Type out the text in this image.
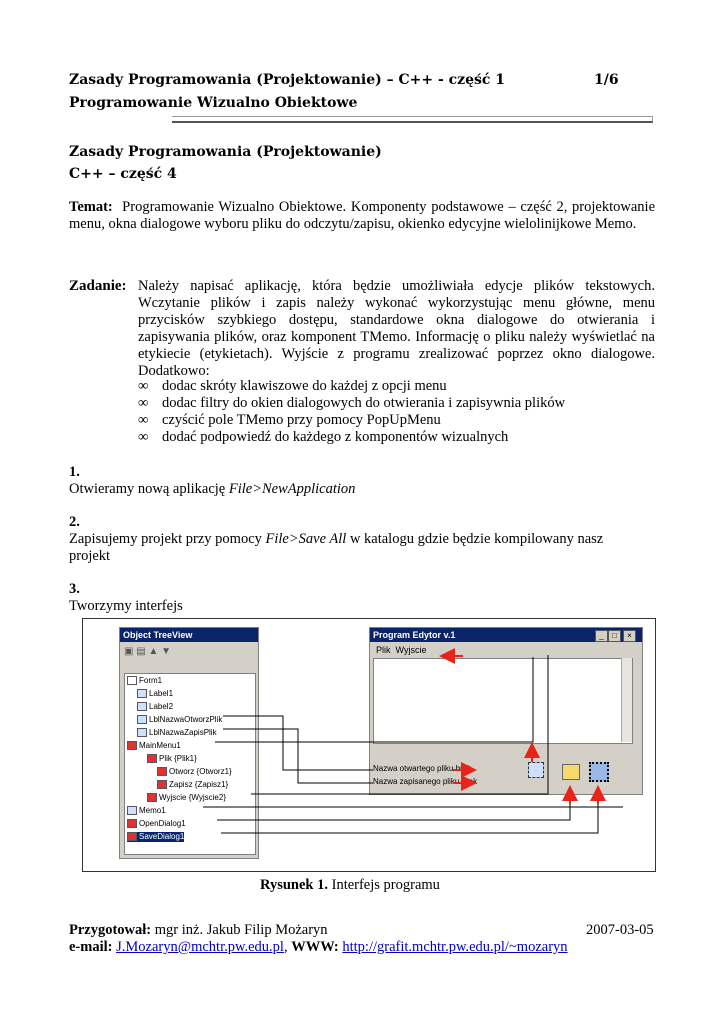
Zasady Programowania (Projektowanie) – C++ - część 1	1/6
Programowanie Wizualno Obiektowe
Zasady Programowania (Projektowanie)
C++ – część 4
Temat: Programowanie Wizualno Obiektowe. Komponenty podstawowe – część 2, projektowanie menu, okna dialogowe wyboru pliku do odczytu/zapisu, okienko edycyjne wielolinijkowe Memo.
Zadanie: Należy napisać aplikację, która będzie umożliwiała edycje plików tekstowych. Wczytanie plików i zapis należy wykonać wykorzystując menu główne, menu przycisków szybkiego dostępu, standardowe okna dialogowe do otwierania i zapisywania plików, oraz komponent TMemo. Informację o pliku należy wyświetlać na etykiecie (etykietach). Wyjście z programu zrealizować poprzez okno dialogowe. Dodatkowo:
∞ dodac skróty klawiszowe do każdej z opcji menu
∞ dodac filtry do okien dialogowych do otwierania i zapisywnia plików
∞ czyścić pole TMemo przy pomocy PopUpMenu
∞ dodać podpowiedź do każdego z komponentów wizualnych
1.
Otwieramy nową aplikację File>NewApplication
2.
Zapisujemy projekt przy pomocy File>Save All w katalogu gdzie będzie kompilowany nasz
projekt
3.
Tworzymy interfejs
Object TreeView
▣ ▤ ▲ ▼
Form1
Label1
Label2
LblNazwaOtworzPlik
LblNazwaZapisPlik
MainMenu1
Plik {Plik1}
Otworz {Otworz1}
Zapisz {Zapisz1}
Wyjscie {Wyjscie2}
Memo1
OpenDialog1
SaveDialog1
Program Edytor v.1	_	□	×
Plik Wyjscie
Nazwa otwartego pliku brak
Nazwa zapisanego pliku brak
Rysunek 1. Interfejs programu
Przygotował: mgr inż. Jakub Filip Możaryn	2007-03-05
e-mail: J.Mozaryn@mchtr.pw.edu.pl, WWW: http://grafit.mchtr.pw.edu.pl/~mozaryn
